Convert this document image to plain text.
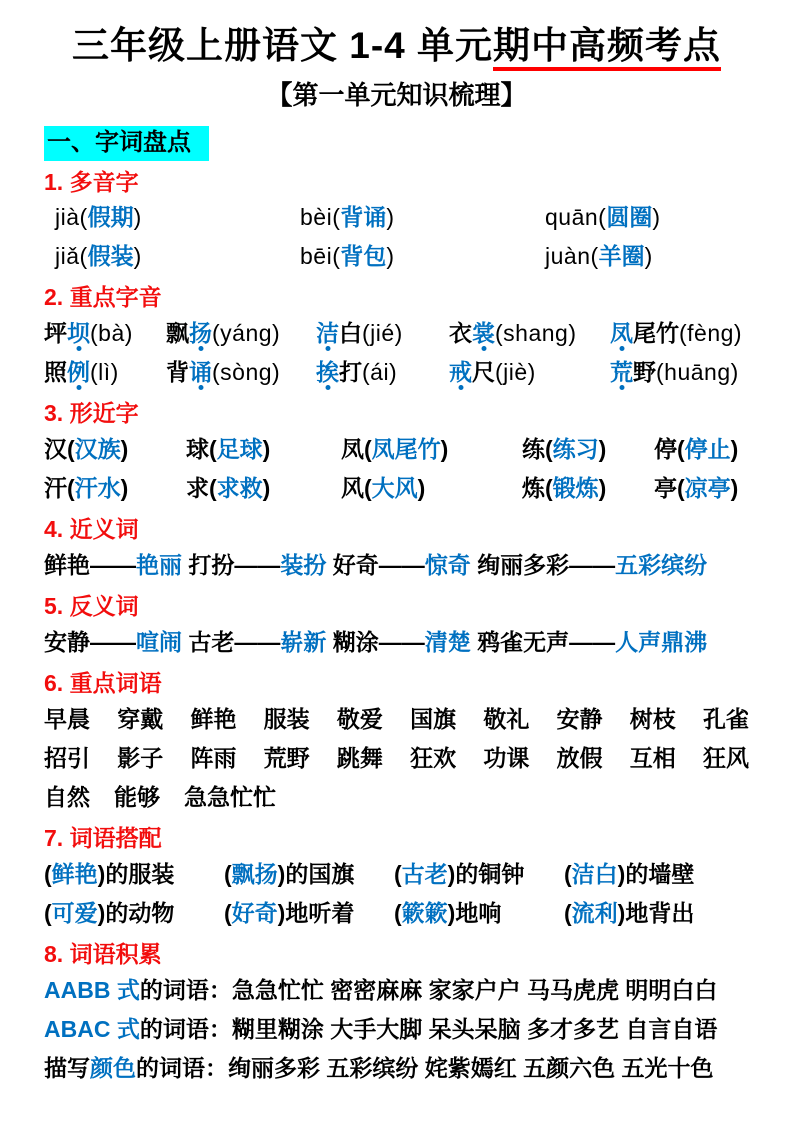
三年级上册语文 1-4 单元期中高频考点
【第一单元知识梳理】
一、字词盘点
1. 多音字
jià(假期)	bèi(背诵)	quān(圆圈)
jiǎ(假装)	bēi(背包)	juàn(羊圈)
2. 重点字音
坪坝(bà)	飘扬(yáng)	洁白(jié)	衣裳(shang)	凤尾竹(fèng)
照例(lì)	背诵(sòng)	挨打(ái)	戒尺(jiè)	荒野(huāng)
3. 形近字
汉(汉族)	球(足球)	凤(凤尾竹)	练(练习)	停(停止)
汗(汗水)	求(求救)	风(大风)	炼(锻炼)	亭(凉亭)
4. 近义词
鲜艳——艳丽 打扮——装扮 好奇——惊奇 绚丽多彩——五彩缤纷
5. 反义词
安静——喧闹 古老——崭新 糊涂——清楚 鸦雀无声——人声鼎沸
6. 重点词语
早晨 穿戴 鲜艳 服装 敬爱 国旗 敬礼 安静 树枝 孔雀
招引 影子 阵雨 荒野 跳舞 狂欢 功课 放假 互相 狂风
自然 能够 急急忙忙
7. 词语搭配
(鲜艳)的服装	(飘扬)的国旗	(古老)的铜钟	(洁白)的墙壁
(可爱)的动物	(好奇)地听着	(簌簌)地响	(流利)地背出
8. 词语积累
AABB 式的词语：急急忙忙 密密麻麻 家家户户 马马虎虎 明明白白
ABAC 式的词语：糊里糊涂 大手大脚 呆头呆脑 多才多艺 自言自语
描写颜色的词语：绚丽多彩 五彩缤纷 姹紫嫣红 五颜六色 五光十色
